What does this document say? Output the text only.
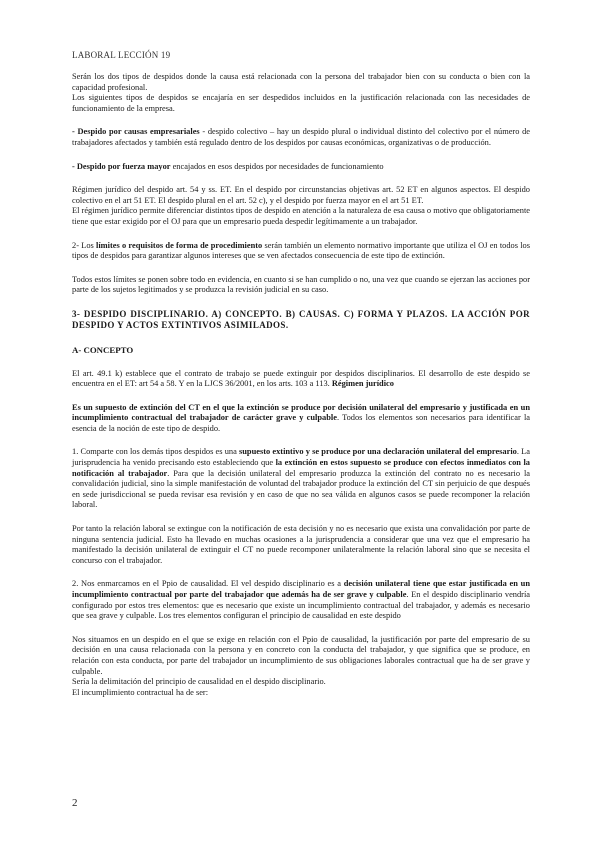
LABORAL LECCIÓN 19

Serán los dos tipos de despidos donde la causa está relacionada con la persona del trabajador bien con su conducta o bien con la capacidad profesional.

Los siguientes tipos de despidos se encajaría en ser despedidos incluidos en la justificación relacionada con las necesidades de funcionamiento de la empresa.

- Despido por causas empresariales - despido colectivo – hay un despido plural o individual distinto del colectivo por el número de trabajadores afectados y también está regulado dentro de los despidos por causas económicas, organizativas o de producción.

- Despido por fuerza mayor encajados en esos despidos por necesidades de funcionamiento

Régimen jurídico del despido art. 54 y ss. ET. En el despido por circunstancias objetivas art. 52 ET en algunos aspectos. El despido colectivo en el art 51 ET. El despido plural en el art. 52 c), y el despido por fuerza mayor en el art 51 ET.

El régimen jurídico permite diferenciar distintos tipos de despido en atención a la naturaleza de esa causa o motivo que obligatoriamente tiene que estar exigido por el OJ para que un empresario pueda despedir legítimamente a un trabajador.

2- Los límites o requisitos de forma de procedimiento serán también un elemento normativo importante que utiliza el OJ en todos los tipos de despidos para garantizar algunos intereses que se ven afectados consecuencia de este tipo de extinción.

Todos estos límites se ponen sobre todo en evidencia, en cuanto si se han cumplido o no, una vez que cuando se ejerzan las acciones por parte de los sujetos legitimados y se produzca la revisión judicial en su caso.

3- DESPIDO DISCIPLINARIO. A) CONCEPTO. B) CAUSAS. C) FORMA Y PLAZOS. LA ACCIÓN POR DESPIDO Y ACTOS EXTINTIVOS ASIMILADOS.

A- CONCEPTO

El art. 49.1 k) establece que el contrato de trabajo se puede extinguir por despidos disciplinarios. El desarrollo de este despido se encuentra en el ET: art 54 a 58. Y en la LJCS 36/2001, en los arts. 103 a 113. Régimen jurídico

Es un supuesto de extinción del CT en el que la extinción se produce por decisión unilateral del empresario y justificada en un incumplimiento contractual del trabajador de carácter grave y culpable. Todos los elementos son necesarios para identificar la esencia de la noción de este tipo de despido.

1. Comparte con los demás tipos despidos es una supuesto extintivo y se produce por una declaración unilateral del empresario. La jurisprudencia ha venido precisando esto estableciendo que la extinción en estos supuesto se produce con efectos inmediatos con la notificación al trabajador. Para que la decisión unilateral del empresario produzca la extinción del contrato no es necesario la convalidación judicial, sino la simple manifestación de voluntad del trabajador produce la extinción del CT sin perjuicio de que después en sede jurisdiccional se pueda revisar esa revisión y en caso de que no sea válida en algunos casos se puede recomponer la relación laboral.

Por tanto la relación laboral se extingue con la notificación de esta decisión y no es necesario que exista una convalidación por parte de ninguna sentencia judicial. Esto ha llevado en muchas ocasiones a la jurisprudencia a considerar que una vez que el empresario ha manifestado la decisión unilateral de extinguir el CT no puede recomponer unilateralmente la relación laboral sino que se necesita el concurso con el trabajador.

2. Nos enmarcamos en el Ppio de causalidad. El vel despido disciplinario es a decisión unilateral tiene que estar justificada en un incumplimiento contractual por parte del trabajador que además ha de ser grave y culpable. En el despido disciplinario vendría configurado por estos tres elementos: que es necesario que existe un incumplimiento contractual del trabajador, y además es necesario que sea grave y culpable. Los tres elementos configuran el principio de causalidad en este despido

Nos situamos en un despido en el que se exige en relación con el Ppio de causalidad, la justificación por parte del empresario de su decisión en una causa relacionada con la persona y en concreto con la conducta del trabajador, y que significa que se produce, en relación con esta conducta, por parte del trabajador un incumplimiento de sus obligaciones laborales contractual que ha de ser grave y culpable.

Sería la delimitación del principio de causalidad en el despido disciplinario.

El incumplimiento contractual ha de ser:

2
